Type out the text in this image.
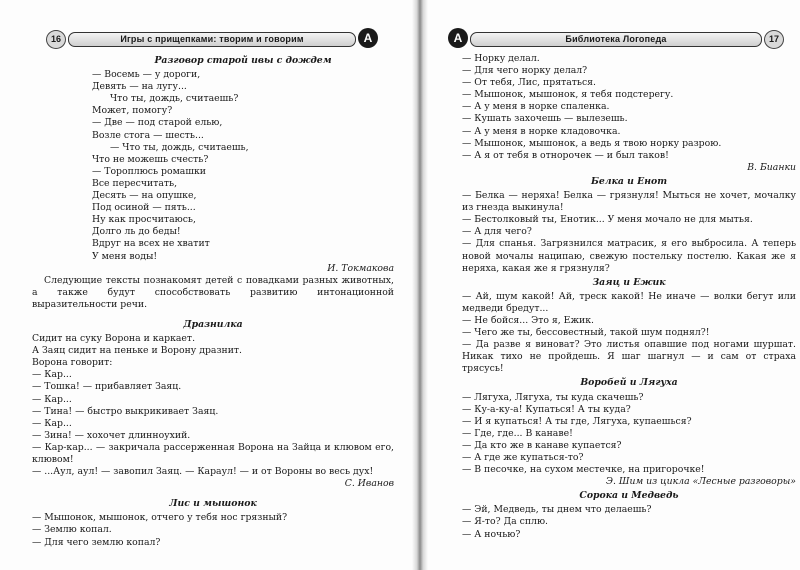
16	Игры с прищепками: творим и говорим	А

Разговор старой ивы с дождем

— Восемь — у дороги,

Девять — на лугу...

Что ты, дождь, считаешь?

Может, помогу?

— Две — под старой елью,

Возле стога — шесть...

— Что ты, дождь, считаешь,

Что не можешь счесть?

— Тороплюсь ромашки

Все пересчитать,

Десять — на опушке,

Под осиной — пять...

Ну как просчитаюсь,

Долго ль до беды!

Вдруг на всех не хватит

У меня воды!

И. Токмакова

Следующие тексты познакомят детей с повадками разных животных, а также будут способствовать развитию интонационной выразительности речи.

Дразнилка

Сидит на суку Ворона и каркает.

А Заяц сидит на пеньке и Ворону дразнит.

Ворона говорит:

— Кар...

— Тошка! — прибавляет Заяц.

— Кар...

— Тина! — быстро выкрикивает Заяц.

— Кар...

— Зина! — хохочет длинноухий.

— Кар-кар... — закричала рассерженная Ворона на Зайца и клювом его, клювом!

— ...Аул, аул! — завопил Заяц. — Караул! — и от Вороны во весь дух!

С. Иванов

Лис и мышонок

— Мышонок, мышонок, отчего у тебя нос грязный?

— Землю копал.

— Для чего землю копал?

А	Библиотека Логопеда	17

— Норку делал.

— Для чего норку делал?

— От тебя, Лис, прятаться.

— Мышонок, мышонок, я тебя подстерегу.

— А у меня в норке спаленка.

— Кушать захочешь — вылезешь.

— А у меня в норке кладовочка.

— Мышонок, мышонок, а ведь я твою норку разрою.

— А я от тебя в отнорочек — и был таков!

В. Бианки

Белка и Енот

— Белка — неряха! Белка — грязнуля! Мыться не хочет, мочалку из гнезда выкинула!

— Бестолковый ты, Енотик... У меня мочало не для мытья.

— А для чего?

— Для спанья. Загрязнился матрасик, я его выбросила. А теперь новой мочалы наципаю, свежую постельку постелю. Какая же я неряха, какая же я грязнуля?

Заяц и Ежик

— Ай, шум какой! Ай, треск какой! Не иначе — волки бегут или медведи бредут...

— Не бойся... Это я, Ежик.

— Чего же ты, бессовестный, такой шум поднял?!

— Да разве я виноват? Это листья опавшие под ногами шуршат. Никак тихо не пройдешь. Я шаг шагнул — и сам от страха трясусь!

Воробей и Лягуха

— Лягуха, Лягуха, ты куда скачешь?

— Ку-а-ку-а! Купаться! А ты куда?

— И я купаться! А ты где, Лягуха, купаешься?

— Где, где... В канаве!

— Да кто же в канаве купается?

— А где же купаться-то?

— В песочке, на сухом местечке, на пригорочке!

Э. Шим из цикла «Лесные разговоры»

Сорока и Медведь

— Эй, Медведь, ты днем что делаешь?

— Я-то? Да сплю.

— А ночью?
